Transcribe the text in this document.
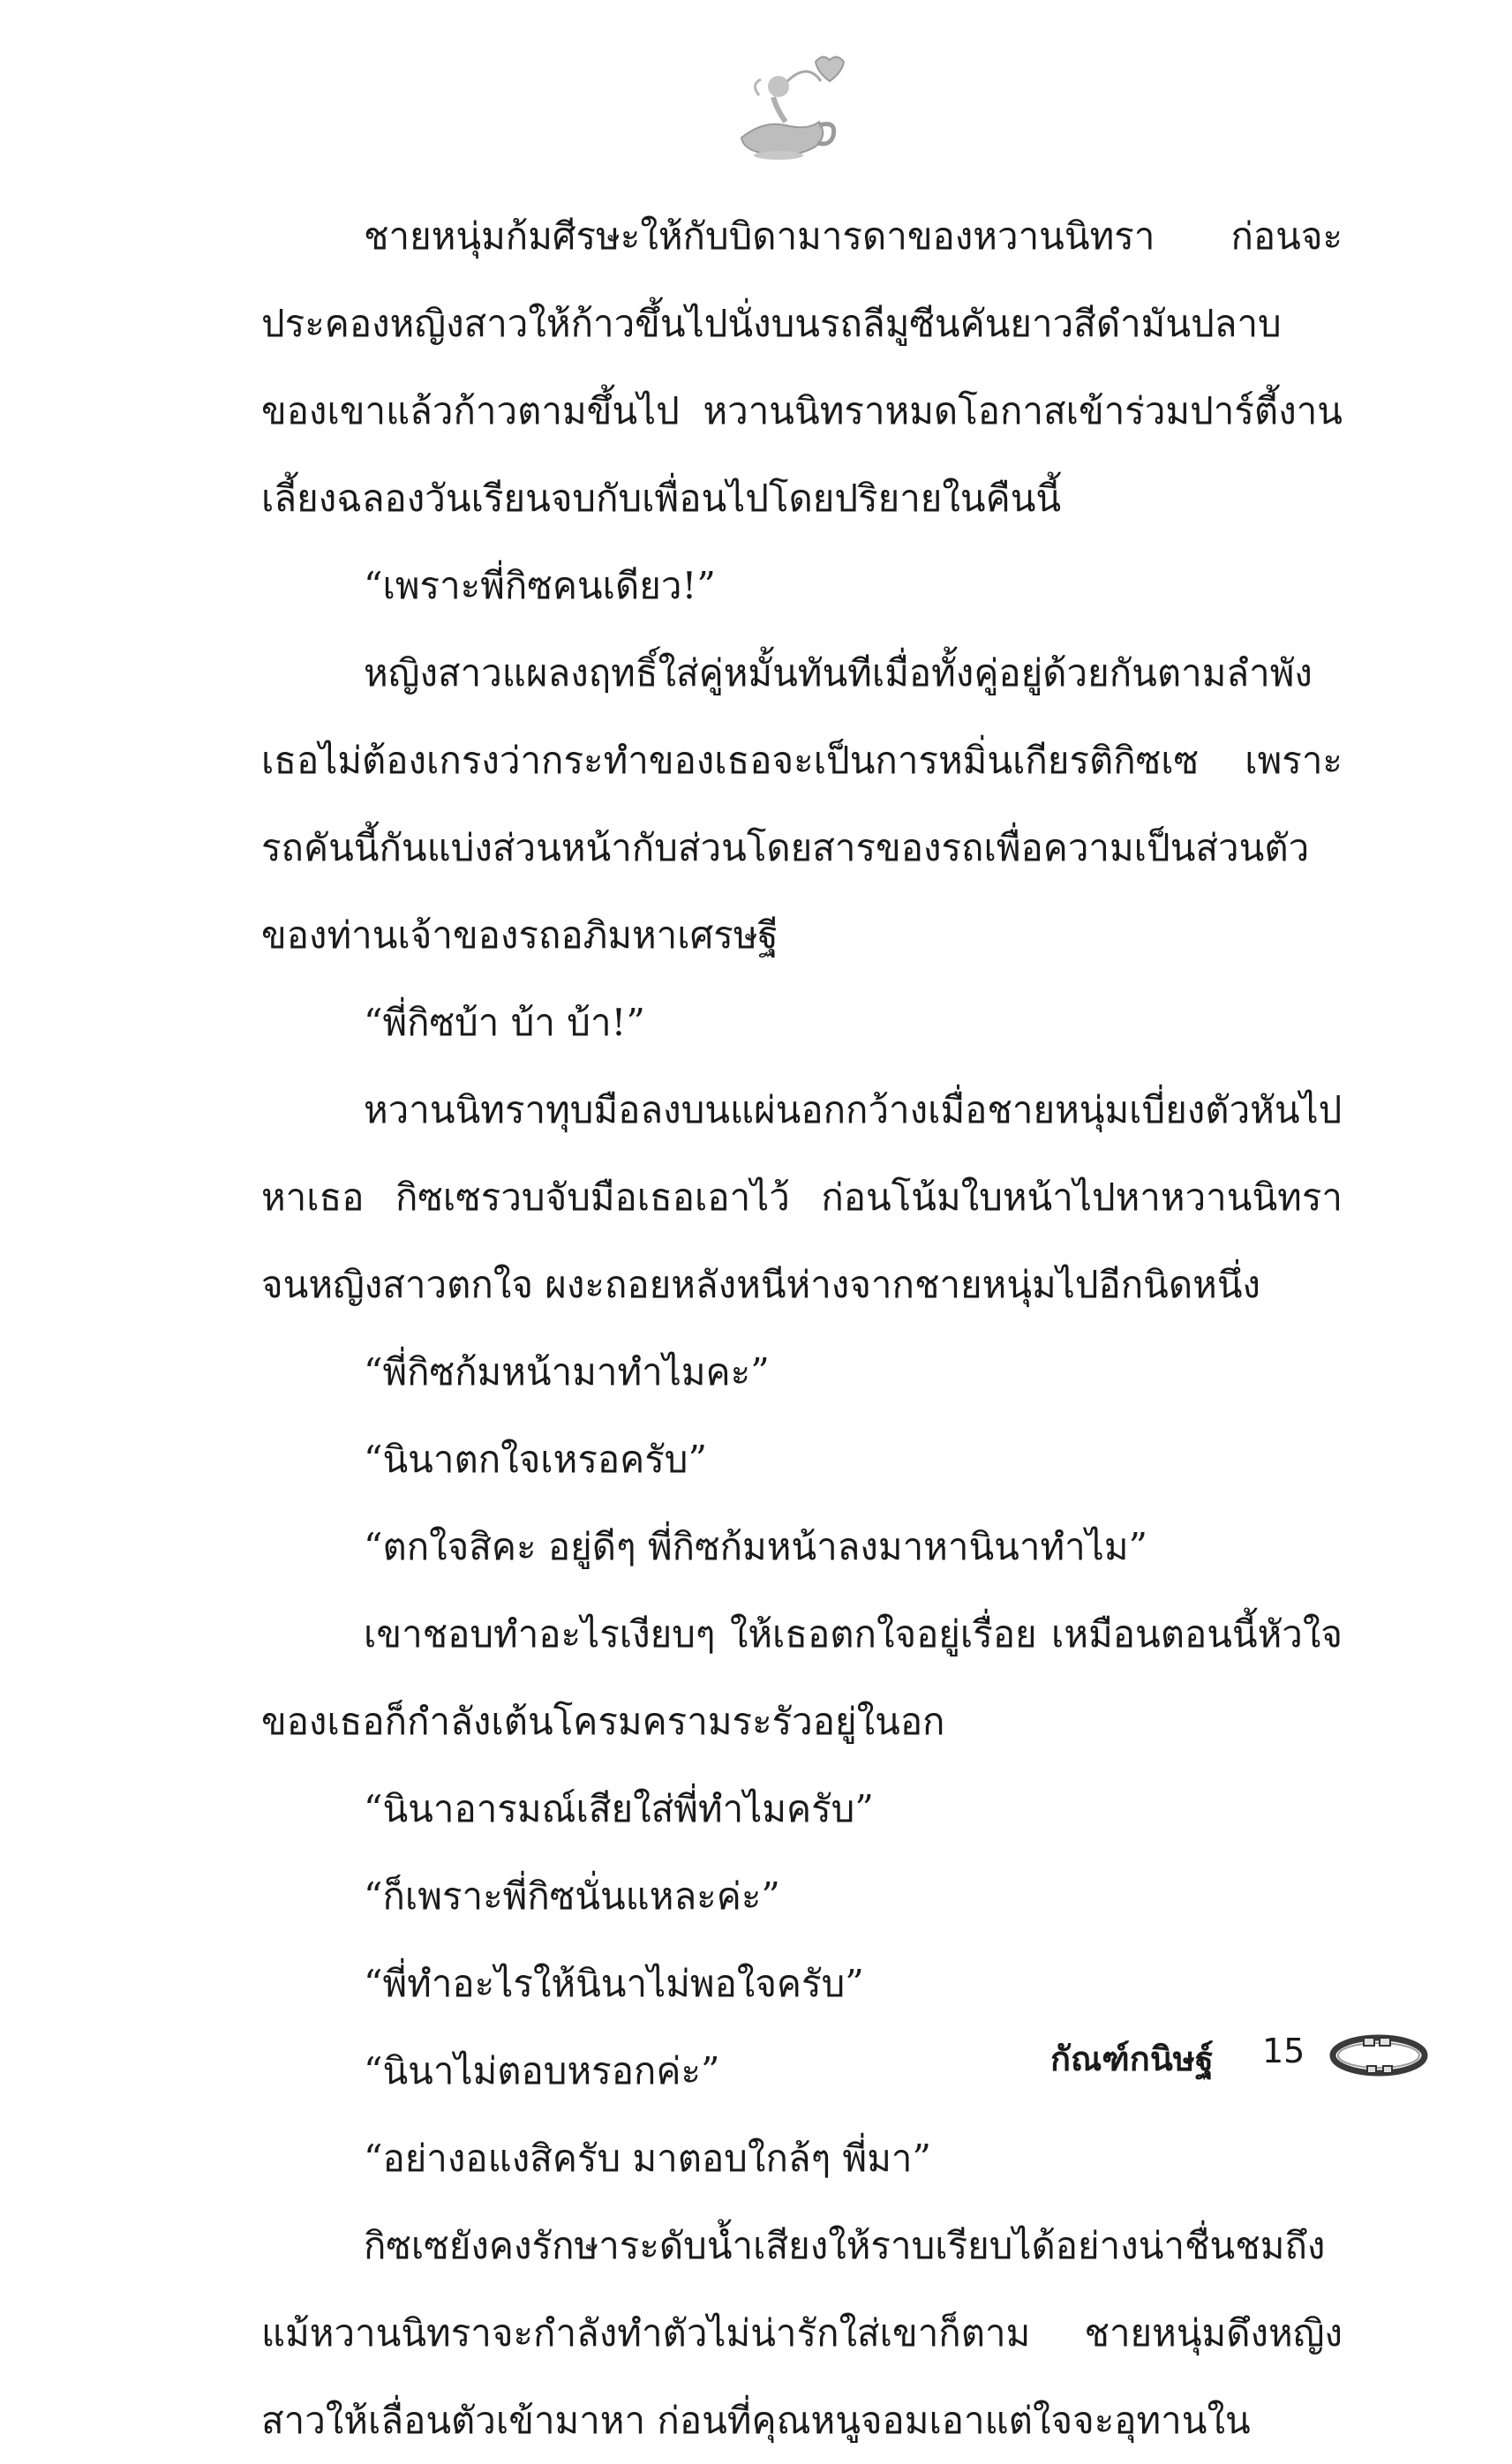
ชายหนุ่มก้มศีรษะให้กับบิดามารดาของหวานนิทรา ก่อนจะประคองหญิงสาวให้ก้าวขึ้นไปนั่งบนรถลีมูซีนคันยาวสีดำมันปลาบของเขาแล้วก้าวตามขึ้นไป หวานนิทราหมดโอกาสเข้าร่วมปาร์ตี้งานเลี้ยงฉลองวันเรียนจบกับเพื่อนไปโดยปริยายในคืนนี้

“เพราะพี่กิซคนเดียว!”

หญิงสาวแผลงฤทธิ์ใส่คู่หมั้นทันทีเมื่อทั้งคู่อยู่ด้วยกันตามลำพัง เธอไม่ต้องเกรงว่ากระทำของเธอจะเป็นการหมิ่นเกียรติกิซเซ เพราะรถคันนี้กันแบ่งส่วนหน้ากับส่วนโดยสารของรถเพื่อความเป็นส่วนตัวของท่านเจ้าของรถอภิมหาเศรษฐี

“พี่กิซบ้า บ้า บ้า!”

หวานนิทราทุบมือลงบนแผ่นอกกว้างเมื่อชายหนุ่มเบี่ยงตัวหันไปหาเธอ กิซเซรวบจับมือเธอเอาไว้ ก่อนโน้มใบหน้าไปหาหวานนิทราจนหญิงสาวตกใจ ผงะถอยหลังหนีห่างจากชายหนุ่มไปอีกนิดหนึ่ง

“พี่กิซก้มหน้ามาทำไมคะ”

“นินาตกใจเหรอครับ”

“ตกใจสิคะ อยู่ดีๆ พี่กิซก้มหน้าลงมาหานินาทำไม”

เขาชอบทำอะไรเงียบๆ ให้เธอตกใจอยู่เรื่อย เหมือนตอนนี้หัวใจของเธอก็กำลังเต้นโครมครามระรัวอยู่ในอก

“นินาอารมณ์เสียใส่พี่ทำไมครับ”

“ก็เพราะพี่กิซนั่นแหละค่ะ”

“พี่ทำอะไรให้นินาไม่พอใจครับ”

“นินาไม่ตอบหรอกค่ะ”

“อย่างอแงสิครับ มาตอบใกล้ๆ พี่มา”

กิซเซยังคงรักษาระดับน้ำเสียงให้ราบเรียบได้อย่างน่าชื่นชมถึงแม้หวานนิทราจะกำลังทำตัวไม่น่ารักใส่เขาก็ตาม ชายหนุ่มดึงหญิงสาวให้เลื่อนตัวเข้ามาหา ก่อนที่คุณหนูจอมเอาแต่ใจจะอุทานใน

กัณฑ์กนิษฐ์ 15
